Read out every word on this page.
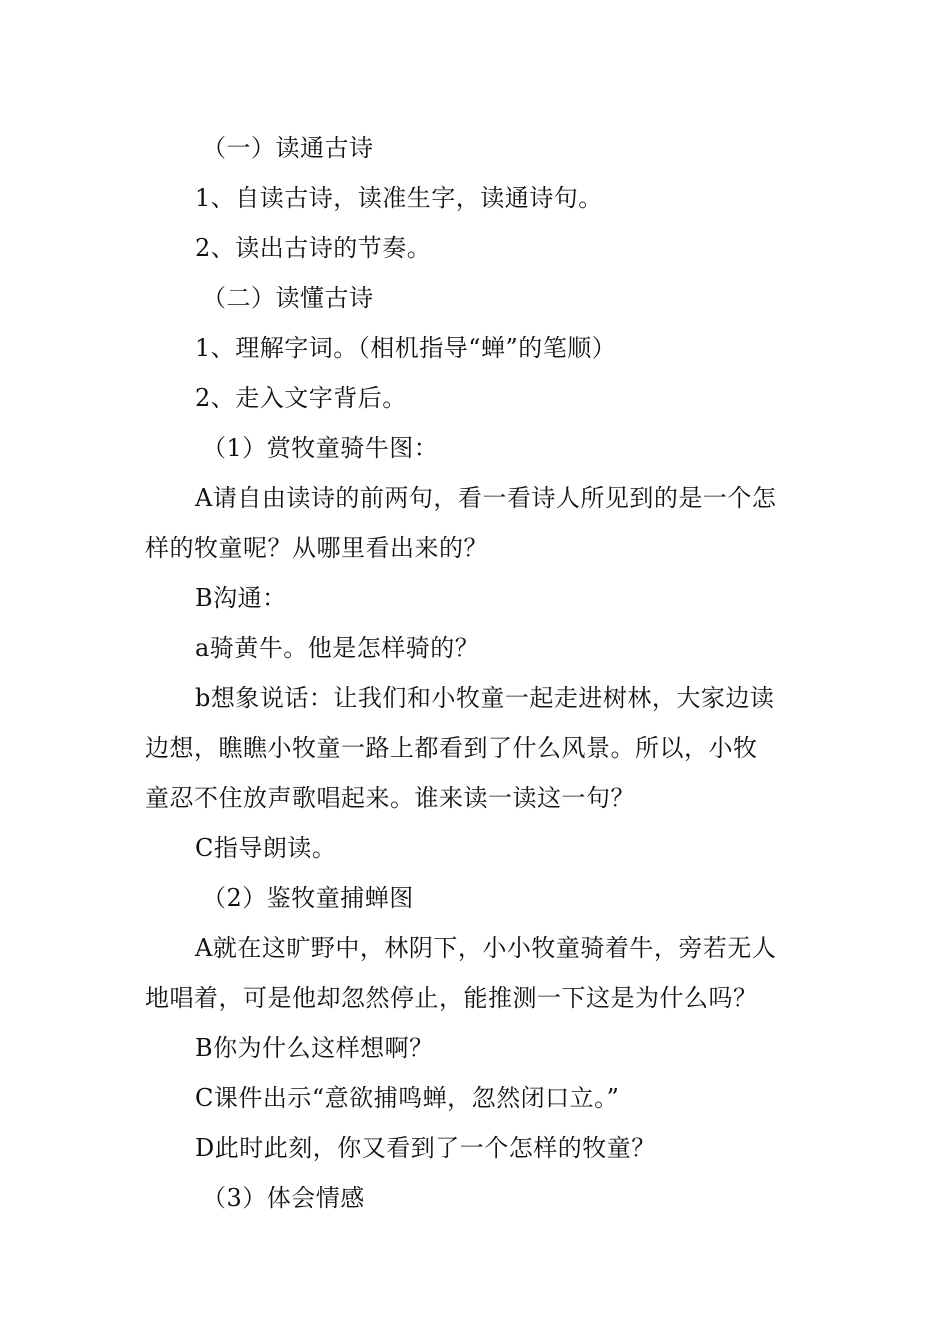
（一）读通古诗
1、自读古诗，读准生字，读通诗句。
2、读出古诗的节奏。
（二）读懂古诗
1、理解字词。（相机指导“蝉”的笔顺）
2、走入文字背后。
（1）赏牧童骑牛图：
A请自由读诗的前两句，看一看诗人所见到的是一个怎
样的牧童呢？从哪里看出来的？
B沟通：
a骑黄牛。他是怎样骑的？
b想象说话：让我们和小牧童一起走进树林，大家边读
边想，瞧瞧小牧童一路上都看到了什么风景。所以，小牧
童忍不住放声歌唱起来。谁来读一读这一句？
C指导朗读。
（2）鉴牧童捕蝉图
A就在这旷野中，林阴下，小小牧童骑着牛，旁若无人
地唱着，可是他却忽然停止，能推测一下这是为什么吗？
B你为什么这样想啊？
C课件出示“意欲捕鸣蝉，忽然闭口立。”
D此时此刻，你又看到了一个怎样的牧童？
（3）体会情感
